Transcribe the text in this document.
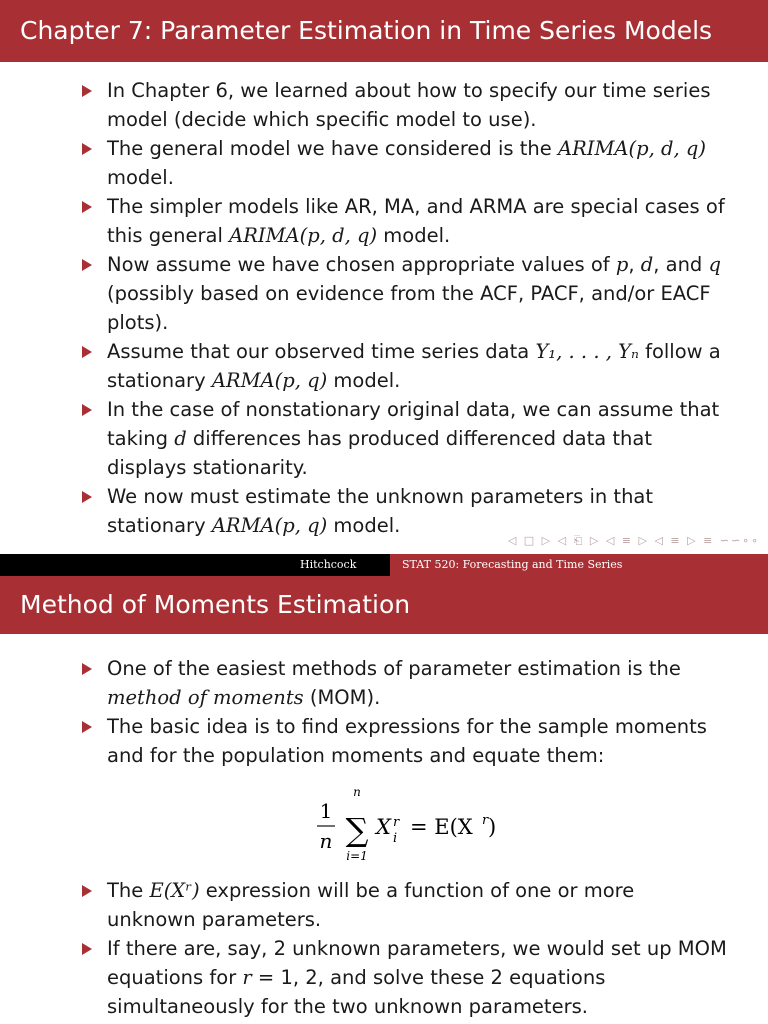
Chapter 7: Parameter Estimation in Time Series Models
In Chapter 6, we learned about how to specify our time series model (decide which specific model to use).
The general model we have considered is the ARIMA(p, d, q) model.
The simpler models like AR, MA, and ARMA are special cases of this general ARIMA(p, d, q) model.
Now assume we have chosen appropriate values of p, d, and q (possibly based on evidence from the ACF, PACF, and/or EACF plots).
Assume that our observed time series data Y₁, . . . , Yₙ follow a stationary ARMA(p, q) model.
In the case of nonstationary original data, we can assume that taking d differences has produced differenced data that displays stationarity.
We now must estimate the unknown parameters in that stationary ARMA(p, q) model.
◁ □ ▷ ◁ ⎗ ▷ ◁ ≡ ▷ ◁ ≡ ▷ ≡ ∽∽∘∘
Hitchcock	STAT 520: Forecasting and Time Series
Method of Moments Estimation
One of the easiest methods of parameter estimation is the method of moments (MOM).
The basic idea is to find expressions for the sample moments and for the population moments and equate them:
1
n
n
∑
i=1
X r
i = E(X r )
The E(Xʳ) expression will be a function of one or more unknown parameters.
If there are, say, 2 unknown parameters, we would set up MOM equations for r = 1, 2, and solve these 2 equations simultaneously for the two unknown parameters.
